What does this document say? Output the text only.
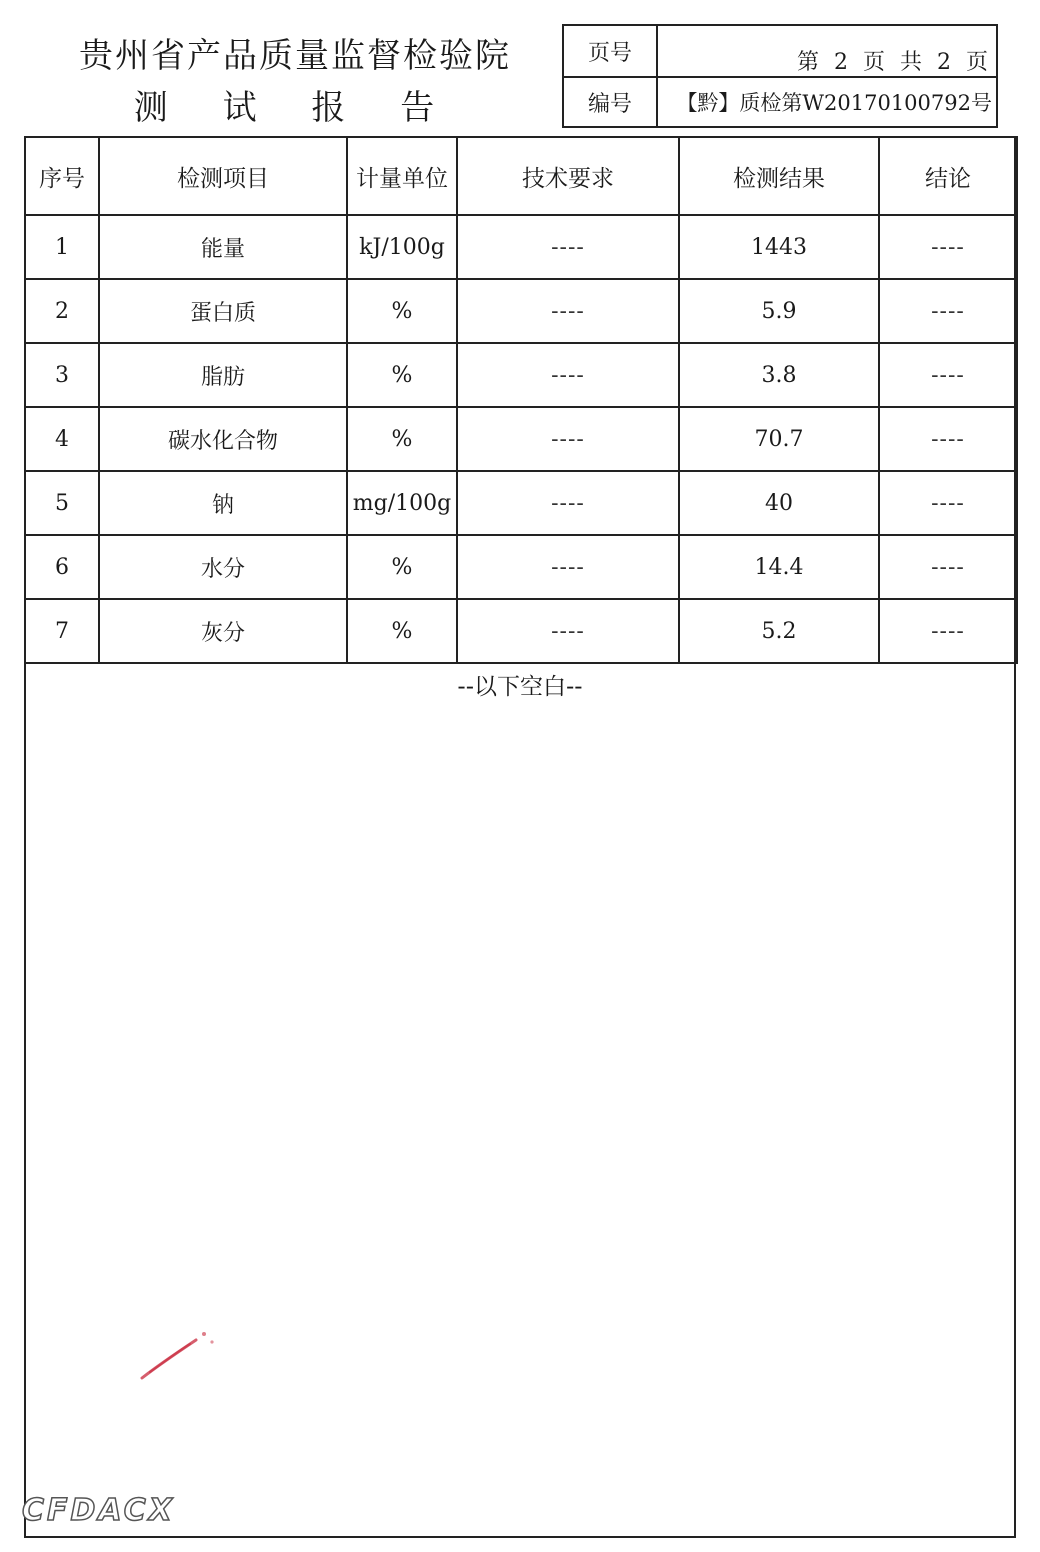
贵州省产品质量监督检验院
测 试 报 告
页号	第 2 页 共 2 页
编号	【黔】质检第W20170100792号
序号	检测项目	计量单位	技术要求	检测结果	结论
1	能量	kJ/100g	----	1443	----
2	蛋白质	%	----	5.9	----
3	脂肪	%	----	3.8	----
4	碳水化合物	%	----	70.7	----
5	钠	mg/100g	----	40	----
6	水分	%	----	14.4	----
7	灰分	%	----	5.2	----
--以下空白--
CFDACX
